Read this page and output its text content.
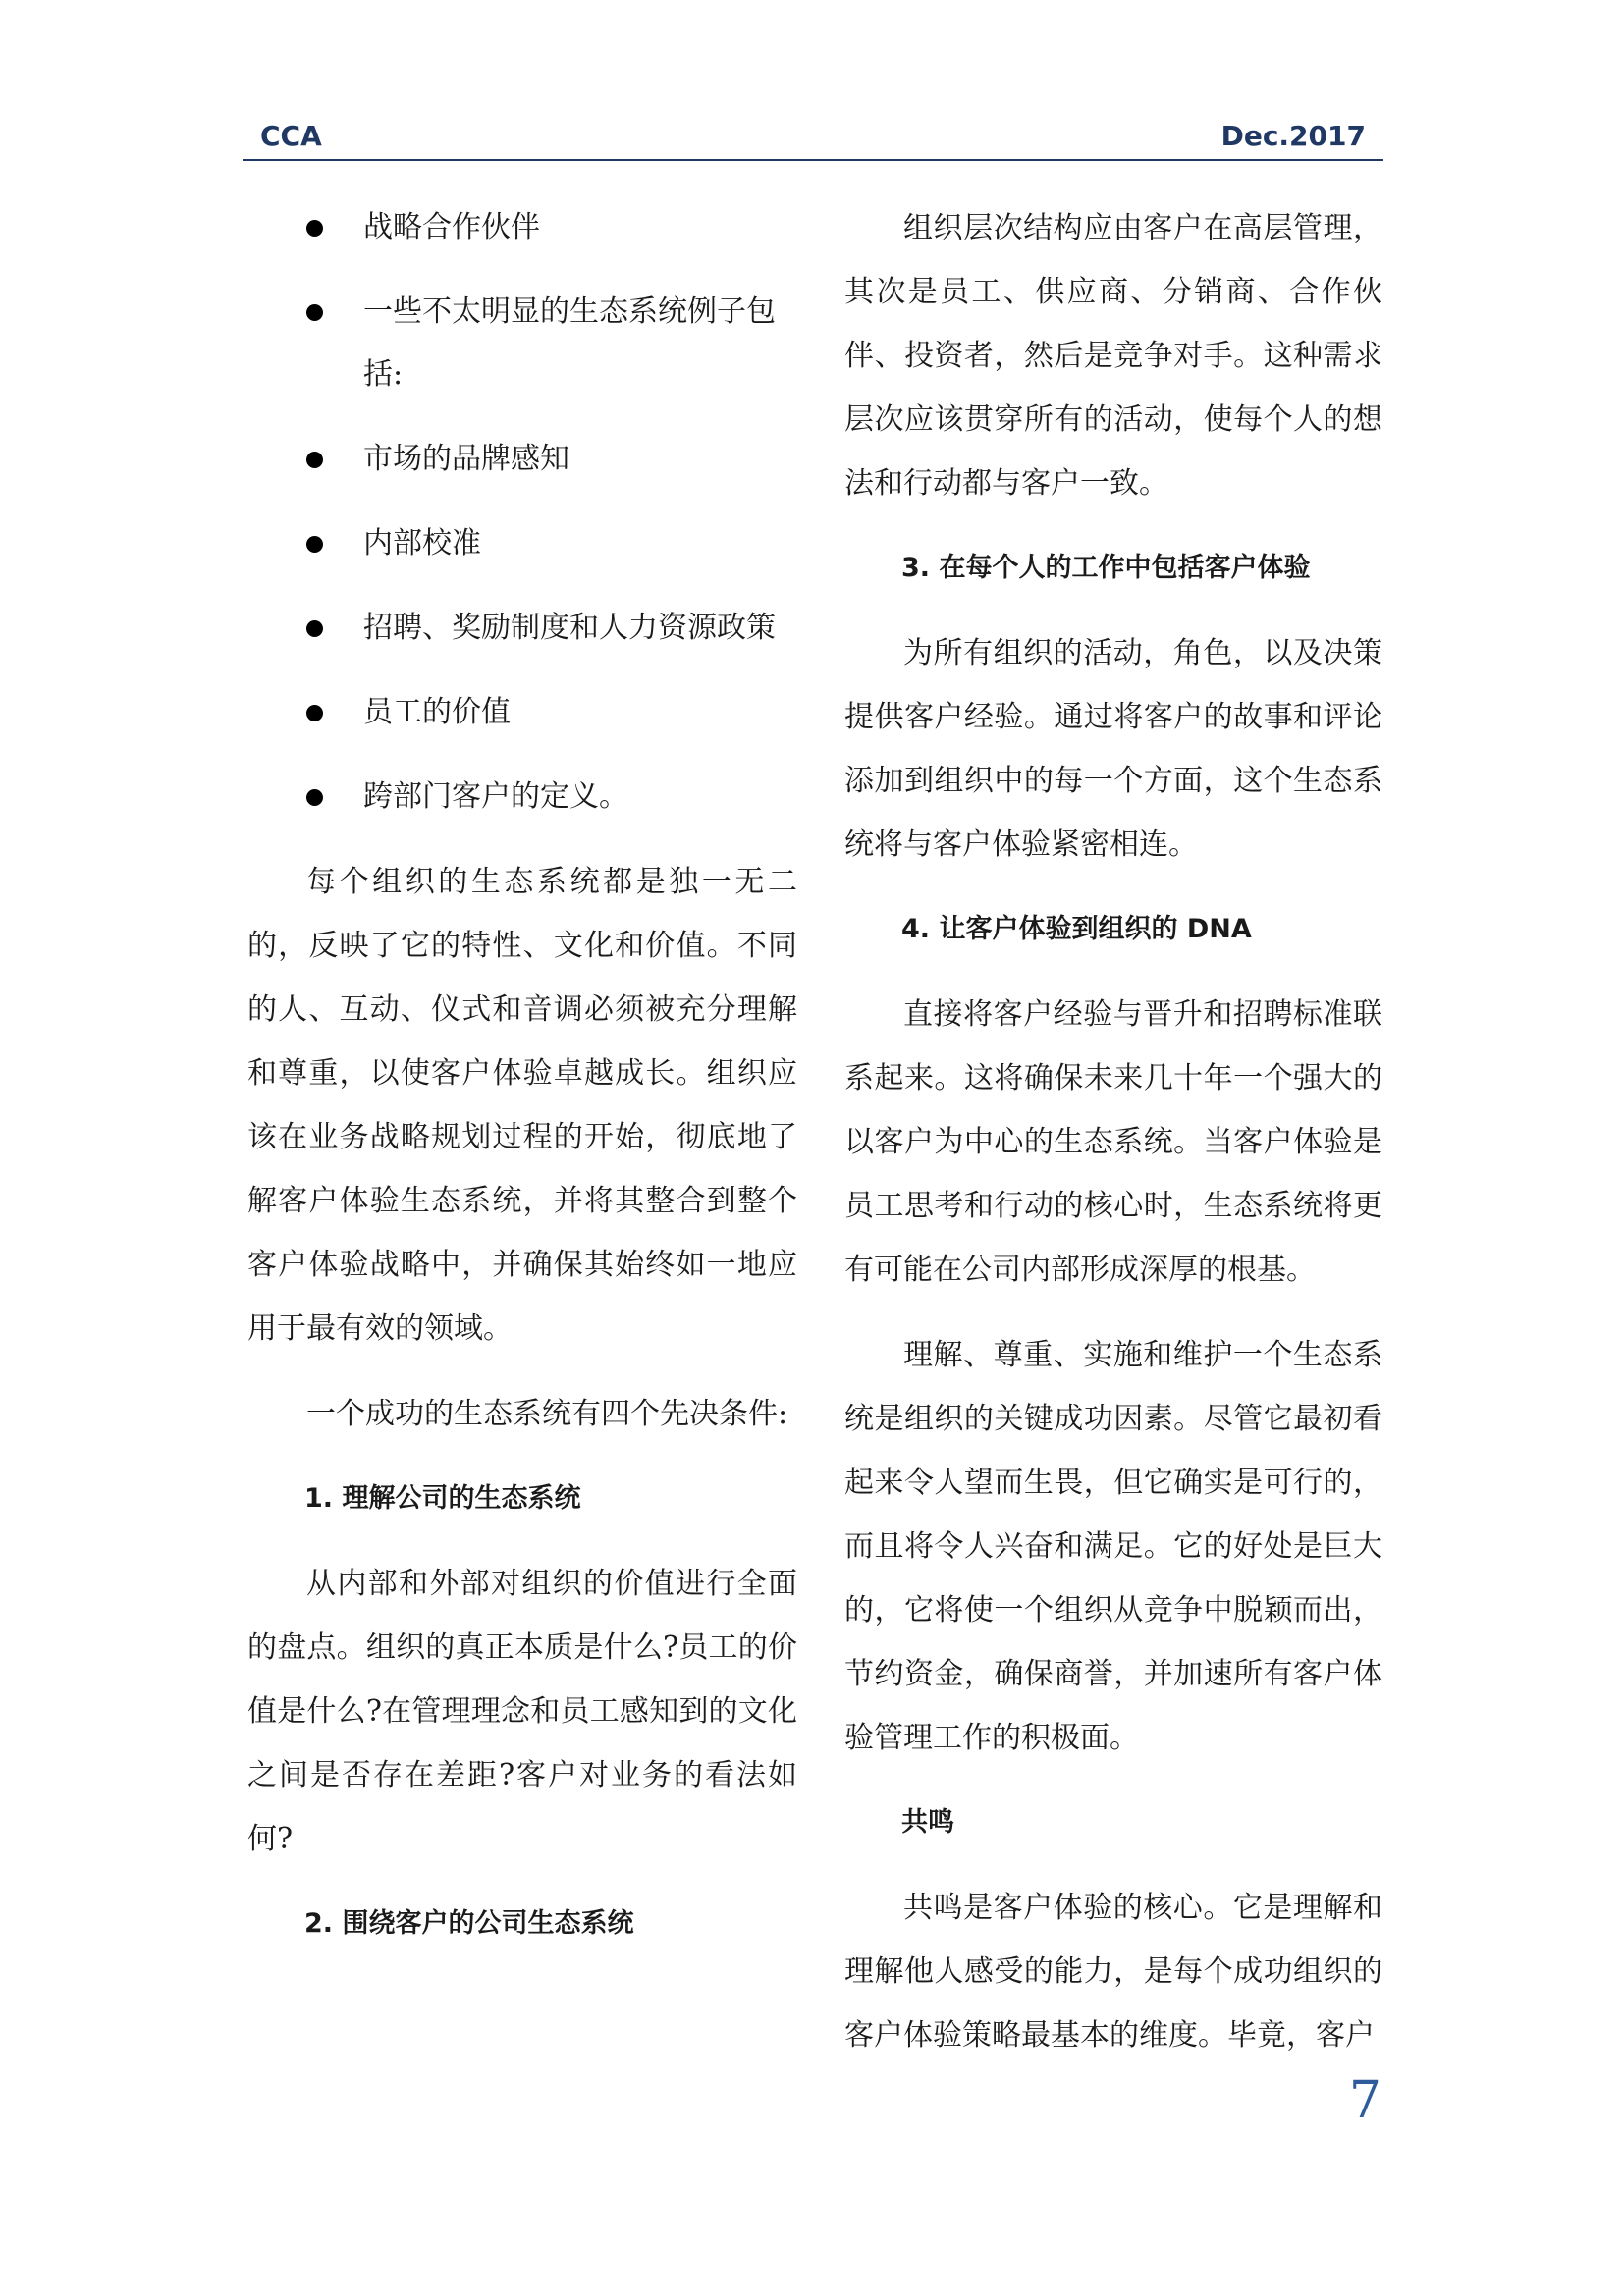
CCA	Dec.2017
战略合作伙伴
一些不太明显的生态系统例子包括:
市场的品牌感知
内部校准
招聘、奖励制度和人力资源政策
员工的价值
跨部门客户的定义。

每个组织的生态系统都是独一无二的，反映了它的特性、文化和价值。不同的人、互动、仪式和音调必须被充分理解和尊重，以使客户体验卓越成长。组织应该在业务战略规划过程的开始，彻底地了解客户体验生态系统，并将其整合到整个客户体验战略中，并确保其始终如一地应用于最有效的领域。

一个成功的生态系统有四个先决条件:

1. 理解公司的生态系统

从内部和外部对组织的价值进行全面的盘点。组织的真正本质是什么?员工的价值是什么?在管理理念和员工感知到的文化之间是否存在差距?客户对业务的看法如何?

2. 围绕客户的公司生态系统

组织层次结构应由客户在高层管理，其次是员工、供应商、分销商、合作伙伴、投资者，然后是竞争对手。这种需求层次应该贯穿所有的活动，使每个人的想法和行动都与客户一致。

3. 在每个人的工作中包括客户体验

为所有组织的活动，角色，以及决策提供客户经验。通过将客户的故事和评论添加到组织中的每一个方面，这个生态系统将与客户体验紧密相连。

4. 让客户体验到组织的 DNA

直接将客户经验与晋升和招聘标准联系起来。这将确保未来几十年一个强大的以客户为中心的生态系统。当客户体验是员工思考和行动的核心时，生态系统将更有可能在公司内部形成深厚的根基。

理解、尊重、实施和维护一个生态系统是组织的关键成功因素。尽管它最初看起来令人望而生畏，但它确实是可行的，而且将令人兴奋和满足。它的好处是巨大的，它将使一个组织从竞争中脱颖而出，节约资金，确保商誉，并加速所有客户体验管理工作的积极面。

共鸣

共鸣是客户体验的核心。它是理解和理解他人感受的能力，是每个成功组织的客户体验策略最基本的维度。毕竟，客户

7
